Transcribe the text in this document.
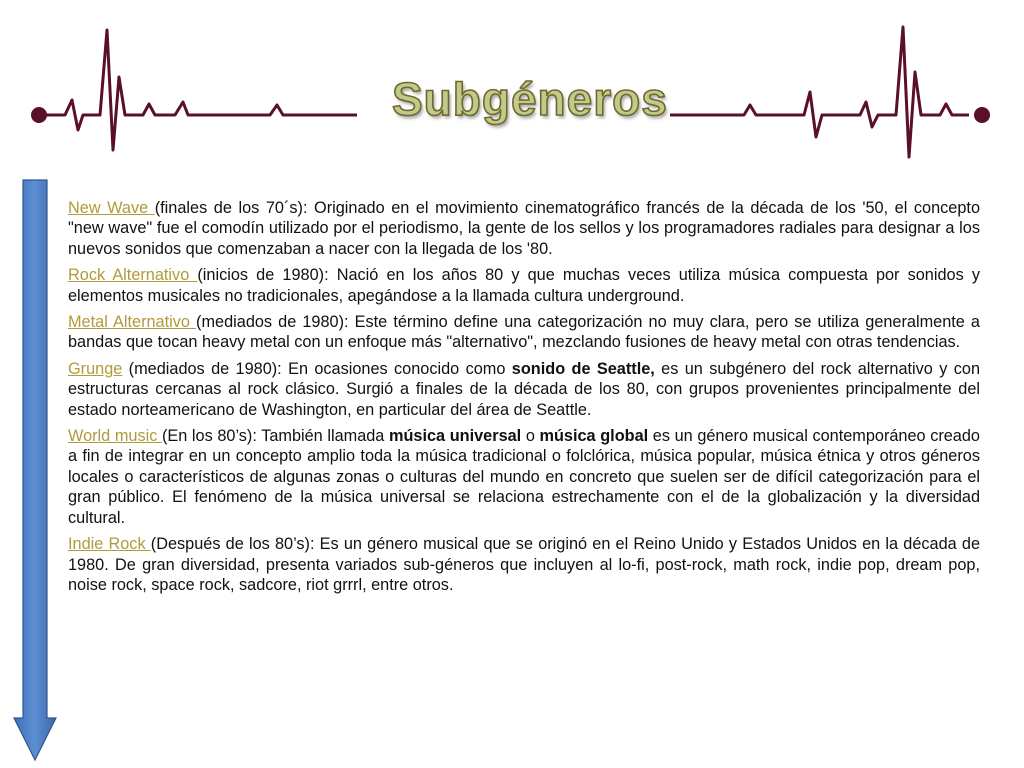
Subgéneros

New Wave (finales de los 70´s): Originado en el movimiento cinematográfico francés de la década de los '50, el concepto "new wave" fue el comodín utilizado por el periodismo, la gente de los sellos y los programadores radiales para designar a los nuevos sonidos que comenzaban a nacer con la llegada de los '80.

Rock Alternativo (inicios de 1980): Nació en los años 80 y que muchas veces utiliza música compuesta por sonidos y elementos musicales no tradicionales, apegándose a la llamada cultura underground.

Metal Alternativo (mediados de 1980): Este término define una categorización no muy clara, pero se utiliza generalmente a bandas que tocan heavy metal con un enfoque más "alternativo", mezclando fusiones de heavy metal con otras tendencias.

Grunge (mediados de 1980): En ocasiones conocido como sonido de Seattle, es un subgénero del rock alternativo y con estructuras cercanas al rock clásico. Surgió a finales de la década de los 80, con grupos provenientes principalmente del estado norteamericano de Washington, en particular del área de Seattle.

World music (En los 80’s): También llamada música universal o música global es un género musical contemporáneo creado a fin de integrar en un concepto amplio toda la música tradicional o folclórica, música popular, música étnica y otros géneros locales o característicos de algunas zonas o culturas del mundo en concreto que suelen ser de difícil categorización para el gran público. El fenómeno de la música universal se relaciona estrechamente con el de la globalización y la diversidad cultural.

Indie Rock (Después de los 80’s): Es un género musical que se originó en el Reino Unido y Estados Unidos en la década de 1980. De gran diversidad, presenta variados sub-géneros que incluyen al lo-fi, post-rock, math rock, indie pop, dream pop, noise rock, space rock, sadcore, riot grrrl, entre otros.
